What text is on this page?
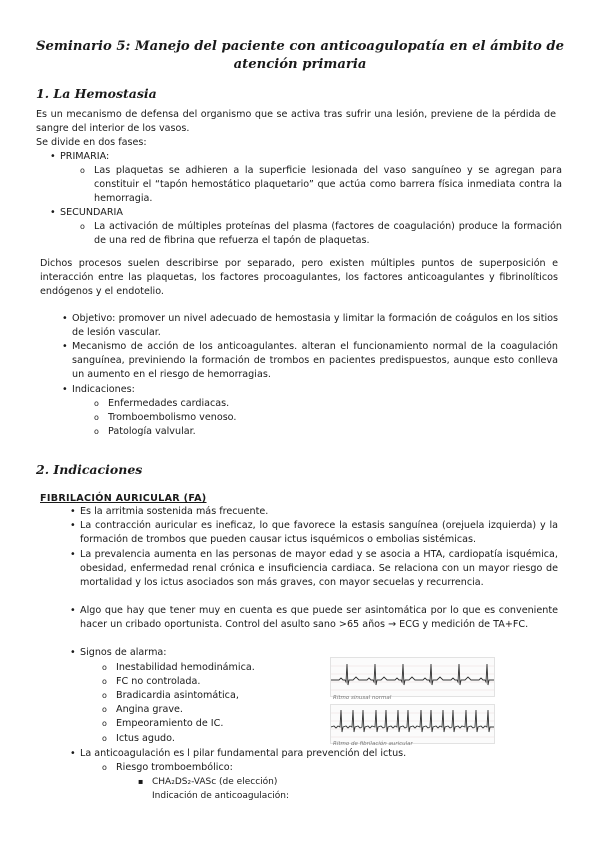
Seminario 5: Manejo del paciente con anticoagulopatía en el ámbito de atención primaria
1. La Hemostasia
Es un mecanismo de defensa del organismo que se activa tras sufrir una lesión, previene de la pérdida de sangre del interior de los vasos.
Se divide en dos fases:
• PRIMARIA:
o Las plaquetas se adhieren a la superficie lesionada del vaso sanguíneo y se agregan para constituir el “tapón hemostático plaquetario” que actúa como barrera física inmediata contra la hemorragia.
• SECUNDARIA
o La activación de múltiples proteínas del plasma (factores de coagulación) produce la formación de una red de fibrina que refuerza el tapón de plaquetas.
Dichos procesos suelen describirse por separado, pero existen múltiples puntos de superposición e interacción entre las plaquetas, los factores procoagulantes, los factores anticoagulantes y fibrinolíticos endógenos y el endotelio.
• Objetivo: promover un nivel adecuado de hemostasia y limitar la formación de coágulos en los sitios de lesión vascular.
• Mecanismo de acción de los anticoagulantes. alteran el funcionamiento normal de la coagulación sanguínea, previniendo la formación de trombos en pacientes predispuestos, aunque esto conlleva un aumento en el riesgo de hemorragias.
• Indicaciones:
o Enfermedades cardiacas.
o Tromboembolismo venoso.
o Patología valvular.
2. Indicaciones
FIBRILACIÓN AURICULAR (FA)
• Es la arritmia sostenida más frecuente.
• La contracción auricular es ineficaz, lo que favorece la estasis sanguínea (orejuela izquierda) y la formación de trombos que pueden causar ictus isquémicos o embolias sistémicas.
• La prevalencia aumenta en las personas de mayor edad y se asocia a HTA, cardiopatía isquémica, obesidad, enfermedad renal crónica e insuficiencia cardiaca. Se relaciona con un mayor riesgo de mortalidad y los ictus asociados son más graves, con mayor secuelas y recurrencia.
• Algo que hay que tener muy en cuenta es que puede ser asintomática por lo que es conveniente hacer un cribado oportunista. Control del asulto sano >65 años → ECG y medición de TA+FC.
• Signos de alarma:
o Inestabilidad hemodinámica.
o FC no controlada.
o Bradicardia asintomática,
o Angina grave.
o Empeoramiento de IC.
o Ictus agudo.
Ritmo sinusal normal
Ritmo de fibrilación auricular
• La anticoagulación es l pilar fundamental para prevención del ictus.
o Riesgo tromboembólico:
▪ CHA₂DS₂-VASc (de elección)
Indicación de anticoagulación:
